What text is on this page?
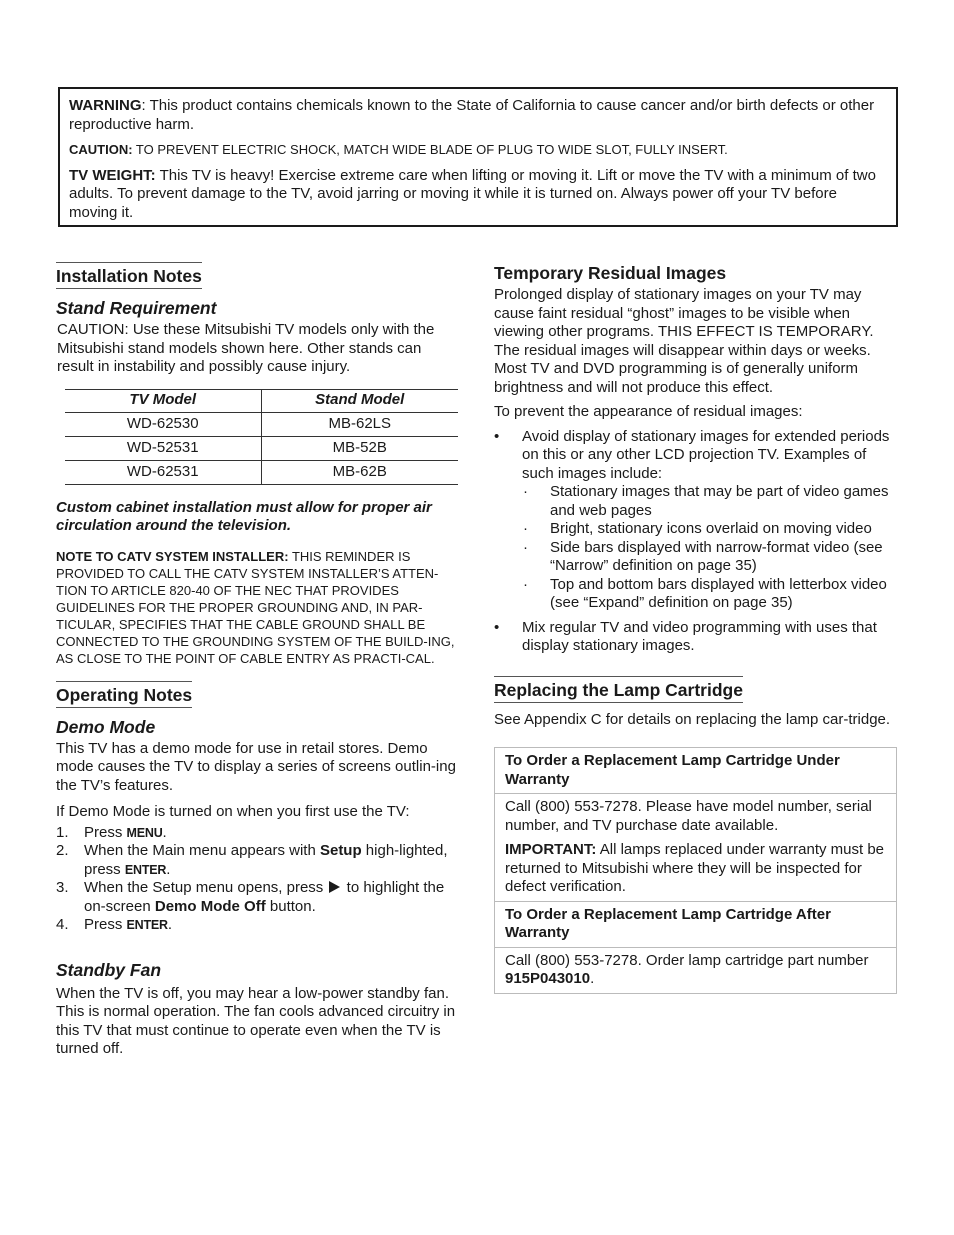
WARNING: This product contains chemicals known to the State of California to cause cancer and/or birth defects or other reproductive harm.

CAUTION: TO PREVENT ELECTRIC SHOCK, MATCH WIDE BLADE OF PLUG TO WIDE SLOT, FULLY INSERT.

TV WEIGHT: This TV is heavy! Exercise extreme care when lifting or moving it. Lift or move the TV with a minimum of two adults. To prevent damage to the TV, avoid jarring or moving it while it is turned on. Always power off your TV before moving it.

Installation Notes
Stand Requirement

CAUTION: Use these Mitsubishi TV models only with the Mitsubishi stand models shown here. Other stands can result in instability and possibly cause injury.

TV Model	Stand Model
WD-62530	MB-62LS
WD-52531	MB-52B
WD-62531	MB-62B

Custom cabinet installation must allow for proper air circulation around the television.

NOTE TO CATV SYSTEM INSTALLER: THIS REMINDER IS PROVIDED TO CALL THE CATV SYSTEM INSTALLER’S ATTEN-TION TO ARTICLE 820-40 OF THE NEC THAT PROVIDES GUIDELINES FOR THE PROPER GROUNDING AND, IN PAR-TICULAR, SPECIFIES THAT THE CABLE GROUND SHALL BE CONNECTED TO THE GROUNDING SYSTEM OF THE BUILD-ING, AS CLOSE TO THE POINT OF CABLE ENTRY AS PRACTI-CAL.

Operating Notes
Demo Mode

This TV has a demo mode for use in retail stores. Demo mode causes the TV to display a series of screens outlin-ing the TV’s features.

If Demo Mode is turned on when you first use the TV:

1. Press MENU.
2. When the Main menu appears with Setup high-lighted, press ENTER.
3. When the Setup menu opens, press  to highlight the on-screen Demo Mode Off button.
4. Press ENTER.
Standby Fan

When the TV is off, you may hear a low-power standby fan. This is normal operation. The fan cools advanced circuitry in this TV that must continue to operate even when the TV is turned off.

Temporary Residual Images

Prolonged display of stationary images on your TV may cause faint residual “ghost” images to be visible when viewing other programs. THIS EFFECT IS TEMPORARY. The residual images will disappear within days or weeks. Most TV and DVD programming is of generally uniform brightness and will not produce this effect.

To prevent the appearance of residual images:

• Avoid display of stationary images for extended periods on this or any other LCD projection TV. Examples of such images include:
· Stationary images that may be part of video games and web pages
· Bright, stationary icons overlaid on moving video
· Side bars displayed with narrow-format video (see “Narrow” definition on page 35)
· Top and bottom bars displayed with letterbox video (see “Expand” definition on page 35)
• Mix regular TV and video programming with uses that display stationary images.
Replacing the Lamp Cartridge

See Appendix C for details on replacing the lamp car-tridge.

To Order a Replacement Lamp Cartridge Under Warranty

Call (800) 553-7278. Please have model number, serial number, and TV purchase date available.

IMPORTANT: All lamps replaced under warranty must be returned to Mitsubishi where they will be inspected for defect verification.

To Order a Replacement Lamp Cartridge After Warranty

Call (800) 553-7278. Order lamp cartridge part number 915P043010.
